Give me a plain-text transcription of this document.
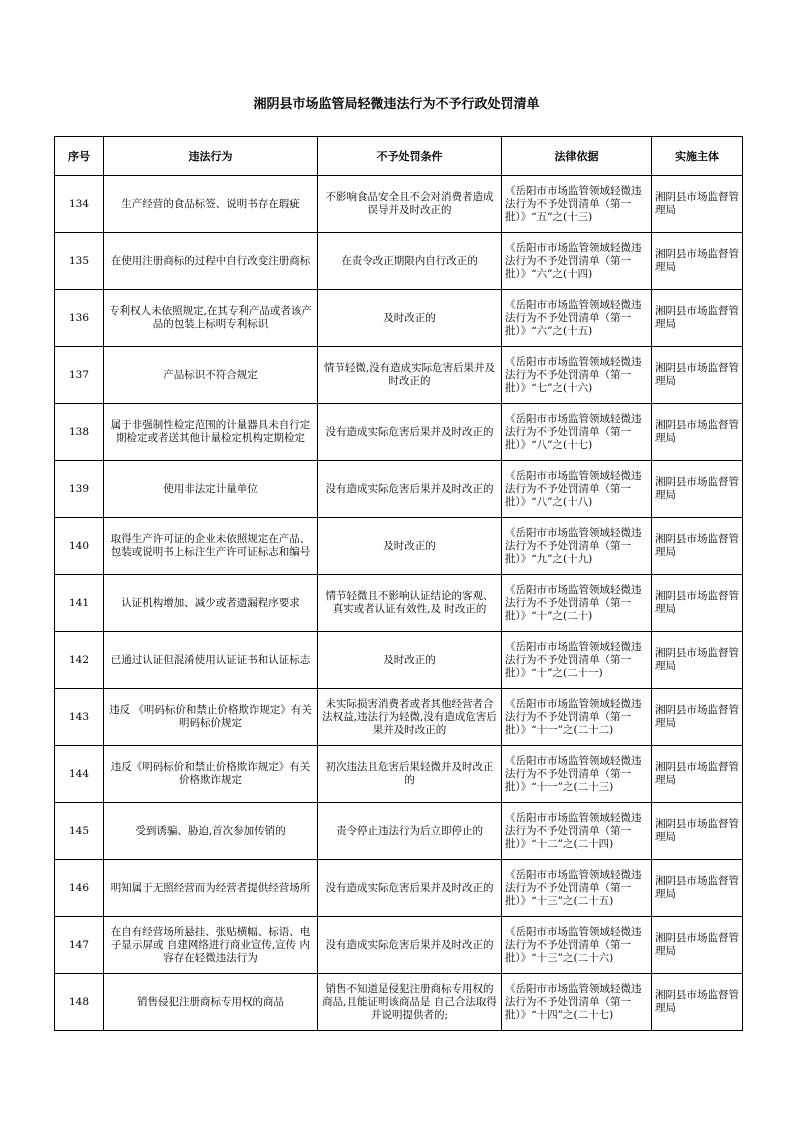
湘阴县市场监管局轻微违法行为不予行政处罚清单
序号	违法行为	不予处罚条件	法律依据	实施主体
134	生产经营的食品标签、说明书存在瑕疵	不影响食品安全且不会对消费者造成误导并及时改正的	《岳阳市市场监管领域轻微违法行为不予处罚清单（第一批）》“五”之(十三)	湘阴县市场监督管理局
135	在使用注册商标的过程中自行改变注册商标	在责令改正期限内自行改正的	《岳阳市市场监管领域轻微违法行为不予处罚清单（第一批）》“六”之(十四)	湘阴县市场监督管理局
136	专利权人未依照规定,在其专利产品或者该产品的包装上标明专利标识	及时改正的	《岳阳市市场监管领域轻微违法行为不予处罚清单（第一批）》“六”之(十五)	湘阴县市场监督管理局
137	产品标识不符合规定	情节轻微,没有造成实际危害后果并及时改正的	《岳阳市市场监管领域轻微违法行为不予处罚清单（第一批）》“七”之(十六)	湘阴县市场监督管理局
138	属于非强制性检定范围的计量器具未自行定期检定或者送其他计量检定机构定期检定	没有造成实际危害后果并及时改正的	《岳阳市市场监管领域轻微违法行为不予处罚清单（第一批）》“八”之(十七)	湘阴县市场监督管理局
139	使用非法定计量单位	没有造成实际危害后果并及时改正的	《岳阳市市场监管领域轻微违法行为不予处罚清单（第一批）》“八”之(十八)	湘阴县市场监督管理局
140	取得生产许可证的企业未依照规定在产品、包装或说明书上标注生产许可证标志和编号	及时改正的	《岳阳市市场监管领域轻微违法行为不予处罚清单（第一批）》“九”之(十九)	湘阴县市场监督管理局
141	认证机构增加、减少或者遗漏程序要求	情节轻微且不影响认证结论的客观、真实或者认证有效性,及 时改正的	《岳阳市市场监管领域轻微违法行为不予处罚清单（第一批）》“十”之(二十)	湘阴县市场监督管理局
142	已通过认证但混淆使用认证证书和认证标志	及时改正的	《岳阳市市场监管领域轻微违法行为不予处罚清单（第一批）》“十”之(二十一)	湘阴县市场监督管理局
143	违反 《明码标价和禁止价格欺诈规定》有关明码标价规定	未实际损害消费者或者其他经营者合法权益,违法行为轻微,没有造成危害后果并及时改正的	《岳阳市市场监管领域轻微违法行为不予处罚清单（第一批）》“十一”之(二十二)	湘阴县市场监督管理局
144	违反《明码标价和禁止价格欺诈规定》有关价格欺诈规定	初次违法且危害后果轻微并及时改正的	《岳阳市市场监管领域轻微违法行为不予处罚清单（第一批）》“十一”之(二十三)	湘阴县市场监督管理局
145	受到诱骗、胁迫,首次参加传销的	责令停止违法行为后立即停止的	《岳阳市市场监管领域轻微违法行为不予处罚清单（第一批）》“十二”之(二十四)	湘阴县市场监督管理局
146	明知属于无照经营而为经营者提供经营场所	没有造成实际危害后果并及时改正的	《岳阳市市场监管领域轻微违法行为不予处罚清单（第一批）》“十三”之(二十五)	湘阴县市场监督管理局
147	在自有经营场所悬挂、张贴横幅、标语、电子显示屏或 自建网络进行商业宣传,宣传 内容存在轻微违法行为	没有造成实际危害后果并及时改正的	《岳阳市市场监管领域轻微违法行为不予处罚清单（第一批）》“十三”之(二十六)	湘阴县市场监督管理局
148	销售侵犯注册商标专用权的商品	销售不知道是侵犯注册商标专用权的商品,且能证明该商品是 自己合法取得并说明提供者的;	《岳阳市市场监管领域轻微违法行为不予处罚清单（第一批）》“十四”之(二十七)	湘阴县市场监督管理局
